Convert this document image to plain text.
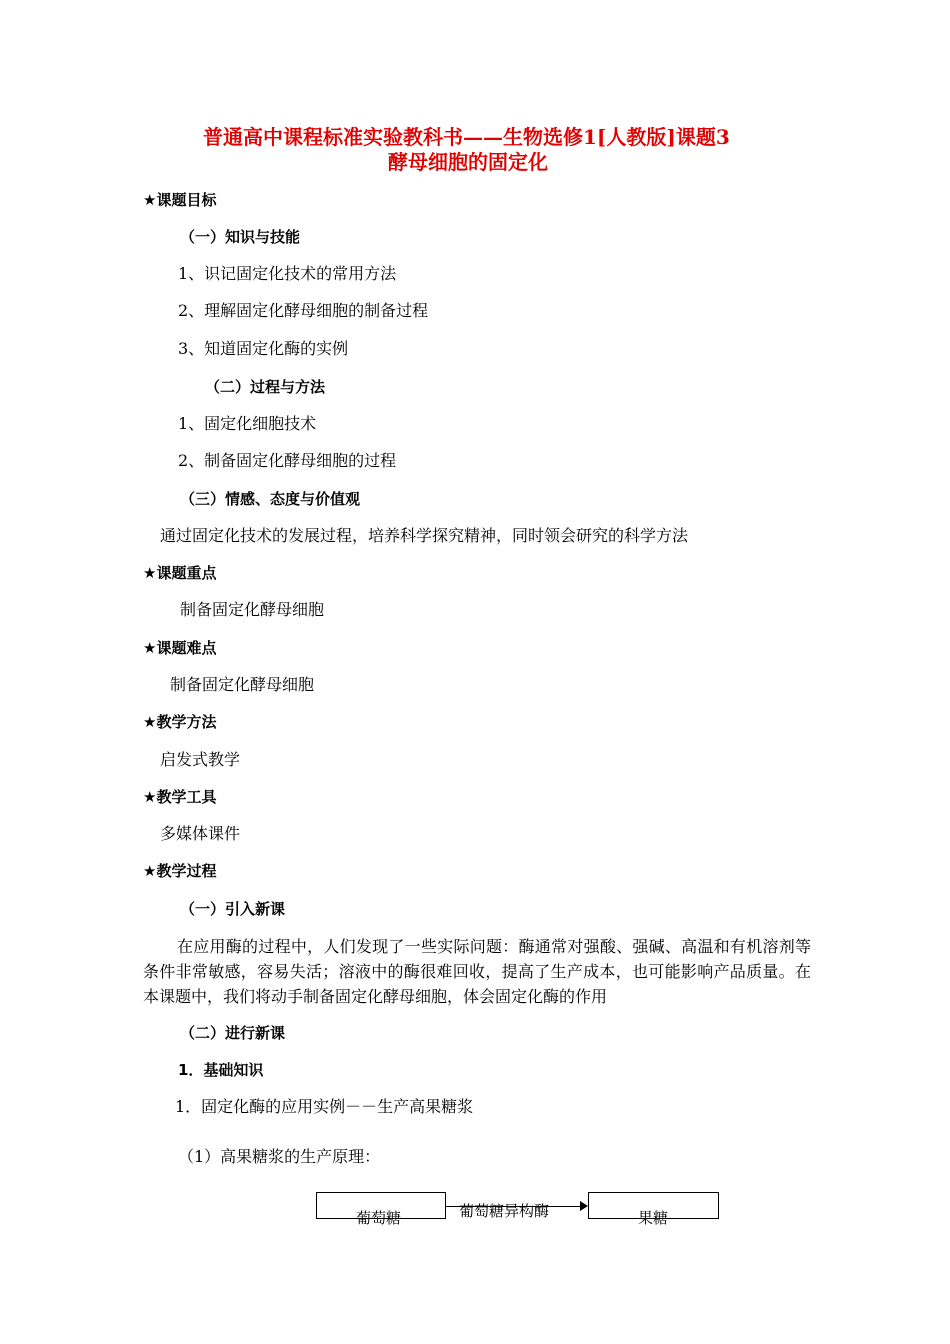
普通高中课程标准实验教科书——生物选修1[人教版]课题3
酵母细胞的固定化
★课题目标
（一）知识与技能
1、识记固定化技术的常用方法
2、理解固定化酵母细胞的制备过程
3、知道固定化酶的实例
（二）过程与方法
1、固定化细胞技术
2、制备固定化酵母细胞的过程
（三）情感、态度与价值观
通过固定化技术的发展过程，培养科学探究精神，同时领会研究的科学方法
★课题重点
制备固定化酵母细胞
★课题难点
制备固定化酵母细胞
★教学方法
启发式教学
★教学工具
多媒体课件
★教学过程
（一）引入新课
在应用酶的过程中，人们发现了一些实际问题：酶通常对强酸、强碱、高温和有机溶剂等条件非常敏感，容易失活；溶液中的酶很难回收，提高了生产成本，也可能影响产品质量。在本课题中，我们将动手制备固定化酵母细胞，体会固定化酶的作用
（二）进行新课
1．基础知识
1．固定化酶的应用实例－－生产高果糖浆
（1）高果糖浆的生产原理：
葡萄糖	葡萄糖异构酶	果糖
